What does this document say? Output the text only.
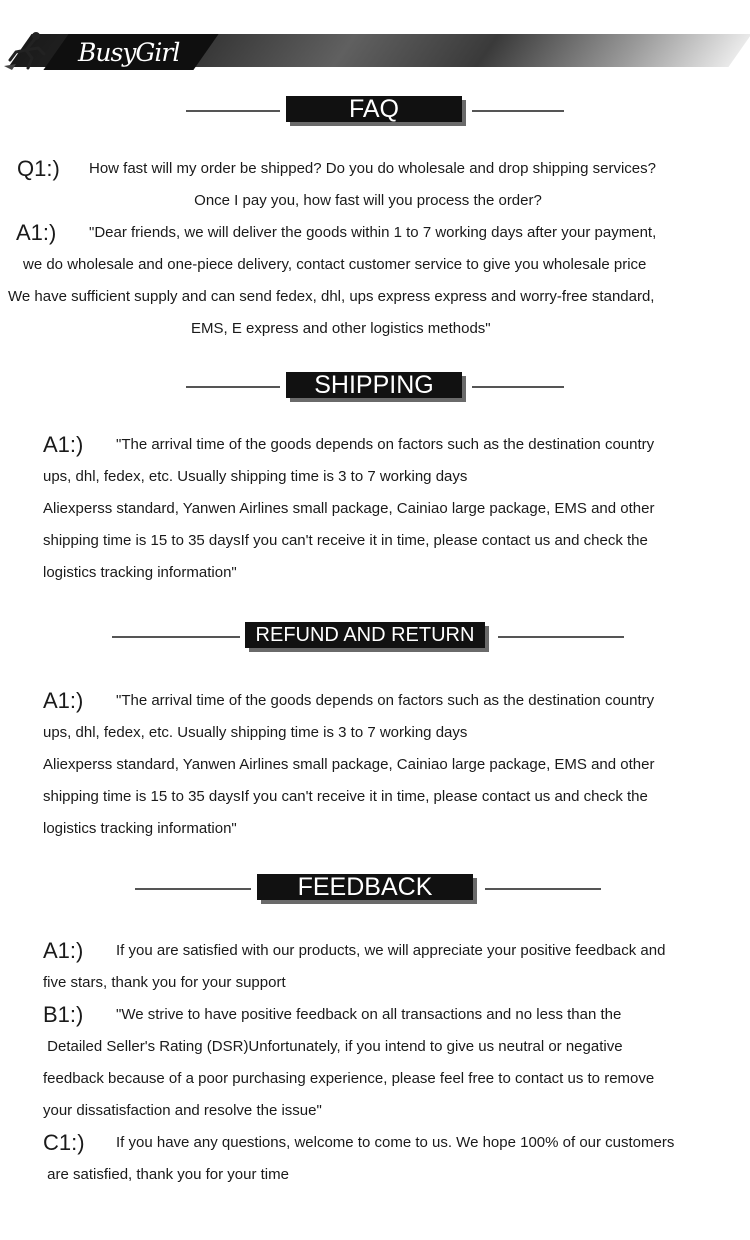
BusyGirl
FAQ
Q1:) How fast will my order be shipped? Do you do wholesale and drop shipping services?
Once I pay you, how fast will you process the order?
A1:) "Dear friends, we will deliver the goods within 1 to 7 working days after your payment,
we do wholesale and one-piece delivery, contact customer service to give you wholesale price
We have sufficient supply and can send fedex, dhl, ups express express and worry-free standard,
EMS, E express and other logistics methods"
SHIPPING
A1:) "The arrival time of the goods depends on factors such as the destination country
ups, dhl, fedex, etc. Usually shipping time is 3 to 7 working days
Aliexperss standard, Yanwen Airlines small package, Cainiao large package, EMS and other
shipping time is 15 to 35 daysIf you can't receive it in time, please contact us and check the
logistics tracking information"
REFUND AND RETURN
A1:) "The arrival time of the goods depends on factors such as the destination country
ups, dhl, fedex, etc. Usually shipping time is 3 to 7 working days
Aliexperss standard, Yanwen Airlines small package, Cainiao large package, EMS and other
shipping time is 15 to 35 daysIf you can't receive it in time, please contact us and check the
logistics tracking information"
FEEDBACK
A1:) If you are satisfied with our products, we will appreciate your positive feedback and
five stars, thank you for your support
B1:) "We strive to have positive feedback on all transactions and no less than the
Detailed Seller's Rating (DSR)Unfortunately, if you intend to give us neutral or negative
feedback because of a poor purchasing experience, please feel free to contact us to remove
your dissatisfaction and resolve the issue"
C1:) If you have any questions, welcome to come to us. We hope 100% of our customers
are satisfied, thank you for your time
